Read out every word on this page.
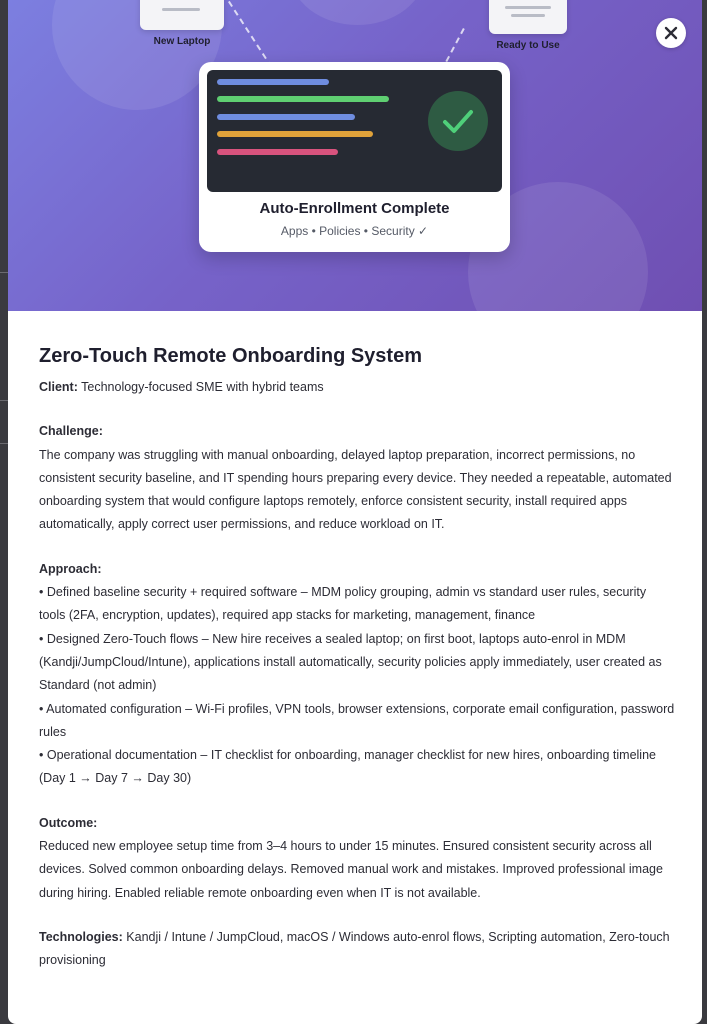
New Laptop	Ready to Use
Auto-Enrollment Complete
Apps • Policies • Security ✓
Zero-Touch Remote Onboarding System

Client: Technology-focused SME with hybrid teams

Challenge:

The company was struggling with manual onboarding, delayed laptop preparation, incorrect permissions, no consistent security baseline, and IT spending hours preparing every device. They needed a repeatable, automated onboarding system that would configure laptops remotely, enforce consistent security, install required apps automatically, apply correct user permissions, and reduce workload on IT.

Approach:

• Defined baseline security + required software – MDM policy grouping, admin vs standard user rules, security tools (2FA, encryption, updates), required app stacks for marketing, management, finance

• Designed Zero-Touch flows – New hire receives a sealed laptop; on first boot, laptops auto-enrol in MDM (Kandji/JumpCloud/Intune), applications install automatically, security policies apply immediately, user created as Standard (not admin)

• Automated configuration – Wi-Fi profiles, VPN tools, browser extensions, corporate email configuration, password rules

• Operational documentation – IT checklist for onboarding, manager checklist for new hires, onboarding timeline (Day 1 → Day 7 → Day 30)

Outcome:

Reduced new employee setup time from 3–4 hours to under 15 minutes. Ensured consistent security across all devices. Solved common onboarding delays. Removed manual work and mistakes. Improved professional image during hiring. Enabled reliable remote onboarding even when IT is not available.

Technologies: Kandji / Intune / JumpCloud, macOS / Windows auto-enrol flows, Scripting automation, Zero-touch provisioning
